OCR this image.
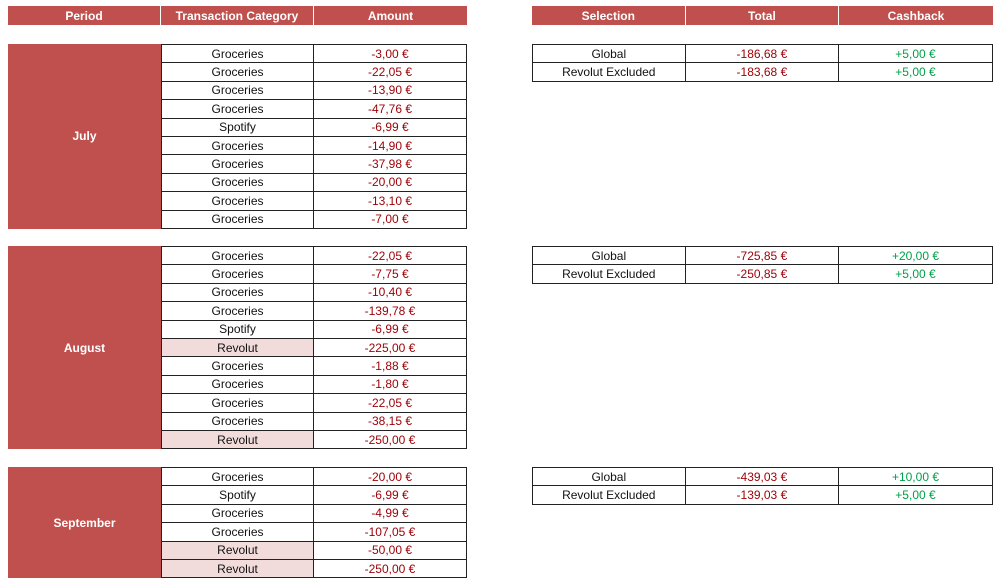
Period	Transaction Category	Amount	Selection	Total	Cashback
July
Groceries	-3,00 €
Groceries	-22,05 €
Groceries	-13,90 €
Groceries	-47,76 €
Spotify	-6,99 €
Groceries	-14,90 €
Groceries	-37,98 €
Groceries	-20,00 €
Groceries	-13,10 €
Groceries	-7,00 €
Global	-186,68 €	+5,00 €
Revolut Excluded	-183,68 €	+5,00 €
August
Groceries	-22,05 €
Groceries	-7,75 €
Groceries	-10,40 €
Groceries	-139,78 €
Spotify	-6,99 €
Revolut	-225,00 €
Groceries	-1,88 €
Groceries	-1,80 €
Groceries	-22,05 €
Groceries	-38,15 €
Revolut	-250,00 €
Global	-725,85 €	+20,00 €
Revolut Excluded	-250,85 €	+5,00 €
September
Groceries	-20,00 €
Spotify	-6,99 €
Groceries	-4,99 €
Groceries	-107,05 €
Revolut	-50,00 €
Revolut	-250,00 €
Global	-439,03 €	+10,00 €
Revolut Excluded	-139,03 €	+5,00 €
